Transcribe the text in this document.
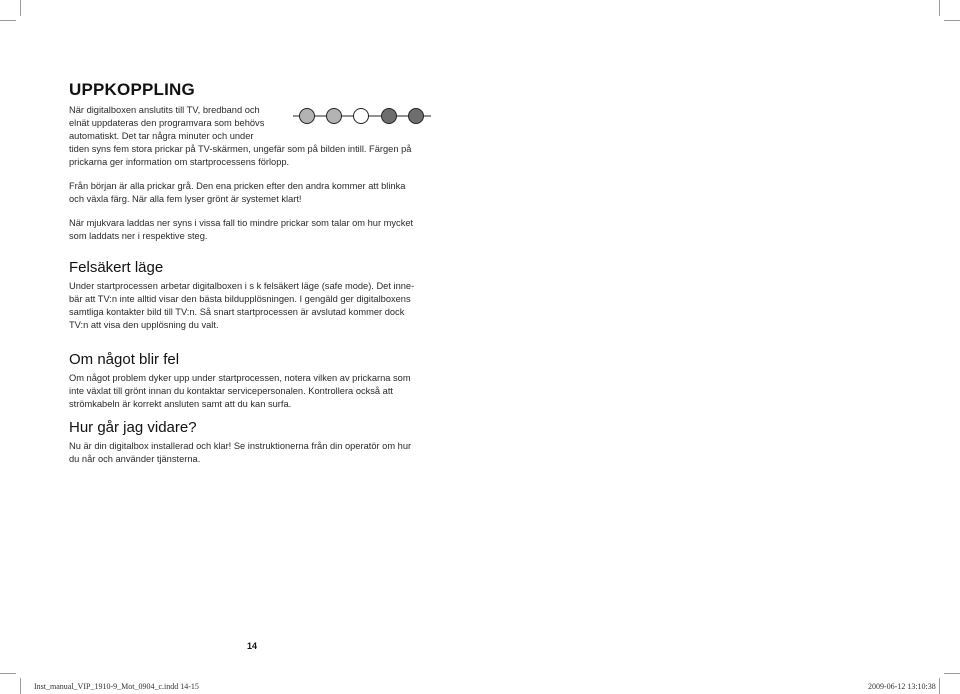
UPPKOPPLING

När digitalboxen anslutits till TV, bredband och
elnät uppdateras den programvara som behövs
automatiskt. Det tar några minuter och under
tiden syns fem stora prickar på TV-skärmen, ungefär som på bilden intill. Färgen på
prickarna ger information om startprocessens förlopp.

Från början är alla prickar grå. Den ena pricken efter den andra kommer att blinka
och växla färg. När alla fem lyser grönt är systemet klart!

När mjukvara laddas ner syns i vissa fall tio mindre prickar som talar om hur mycket
som laddats ner i respektive steg.

Felsäkert läge

Under startprocessen arbetar digitalboxen i s k felsäkert läge (safe mode). Det inne-
bär att TV:n inte alltid visar den bästa bildupplösningen. I gengäld ger digitalboxens
samtliga kontakter bild till TV:n. Så snart startprocessen är avslutad kommer dock
TV:n att visa den upplösning du valt.

Om något blir fel

Om något problem dyker upp under startprocessen, notera vilken av prickarna som
inte växlat till grönt innan du kontaktar servicepersonalen. Kontrollera också att
strömkabeln är korrekt ansluten samt att du kan surfa.

Hur går jag vidare?

Nu är din digitalbox installerad och klar! Se instruktionerna från din operatör om hur
du når och använder tjänsterna.

14
Inst_manual_VIP_1910-9_Mot_0904_c.indd 14-15	2009-06-12 13:10:38
